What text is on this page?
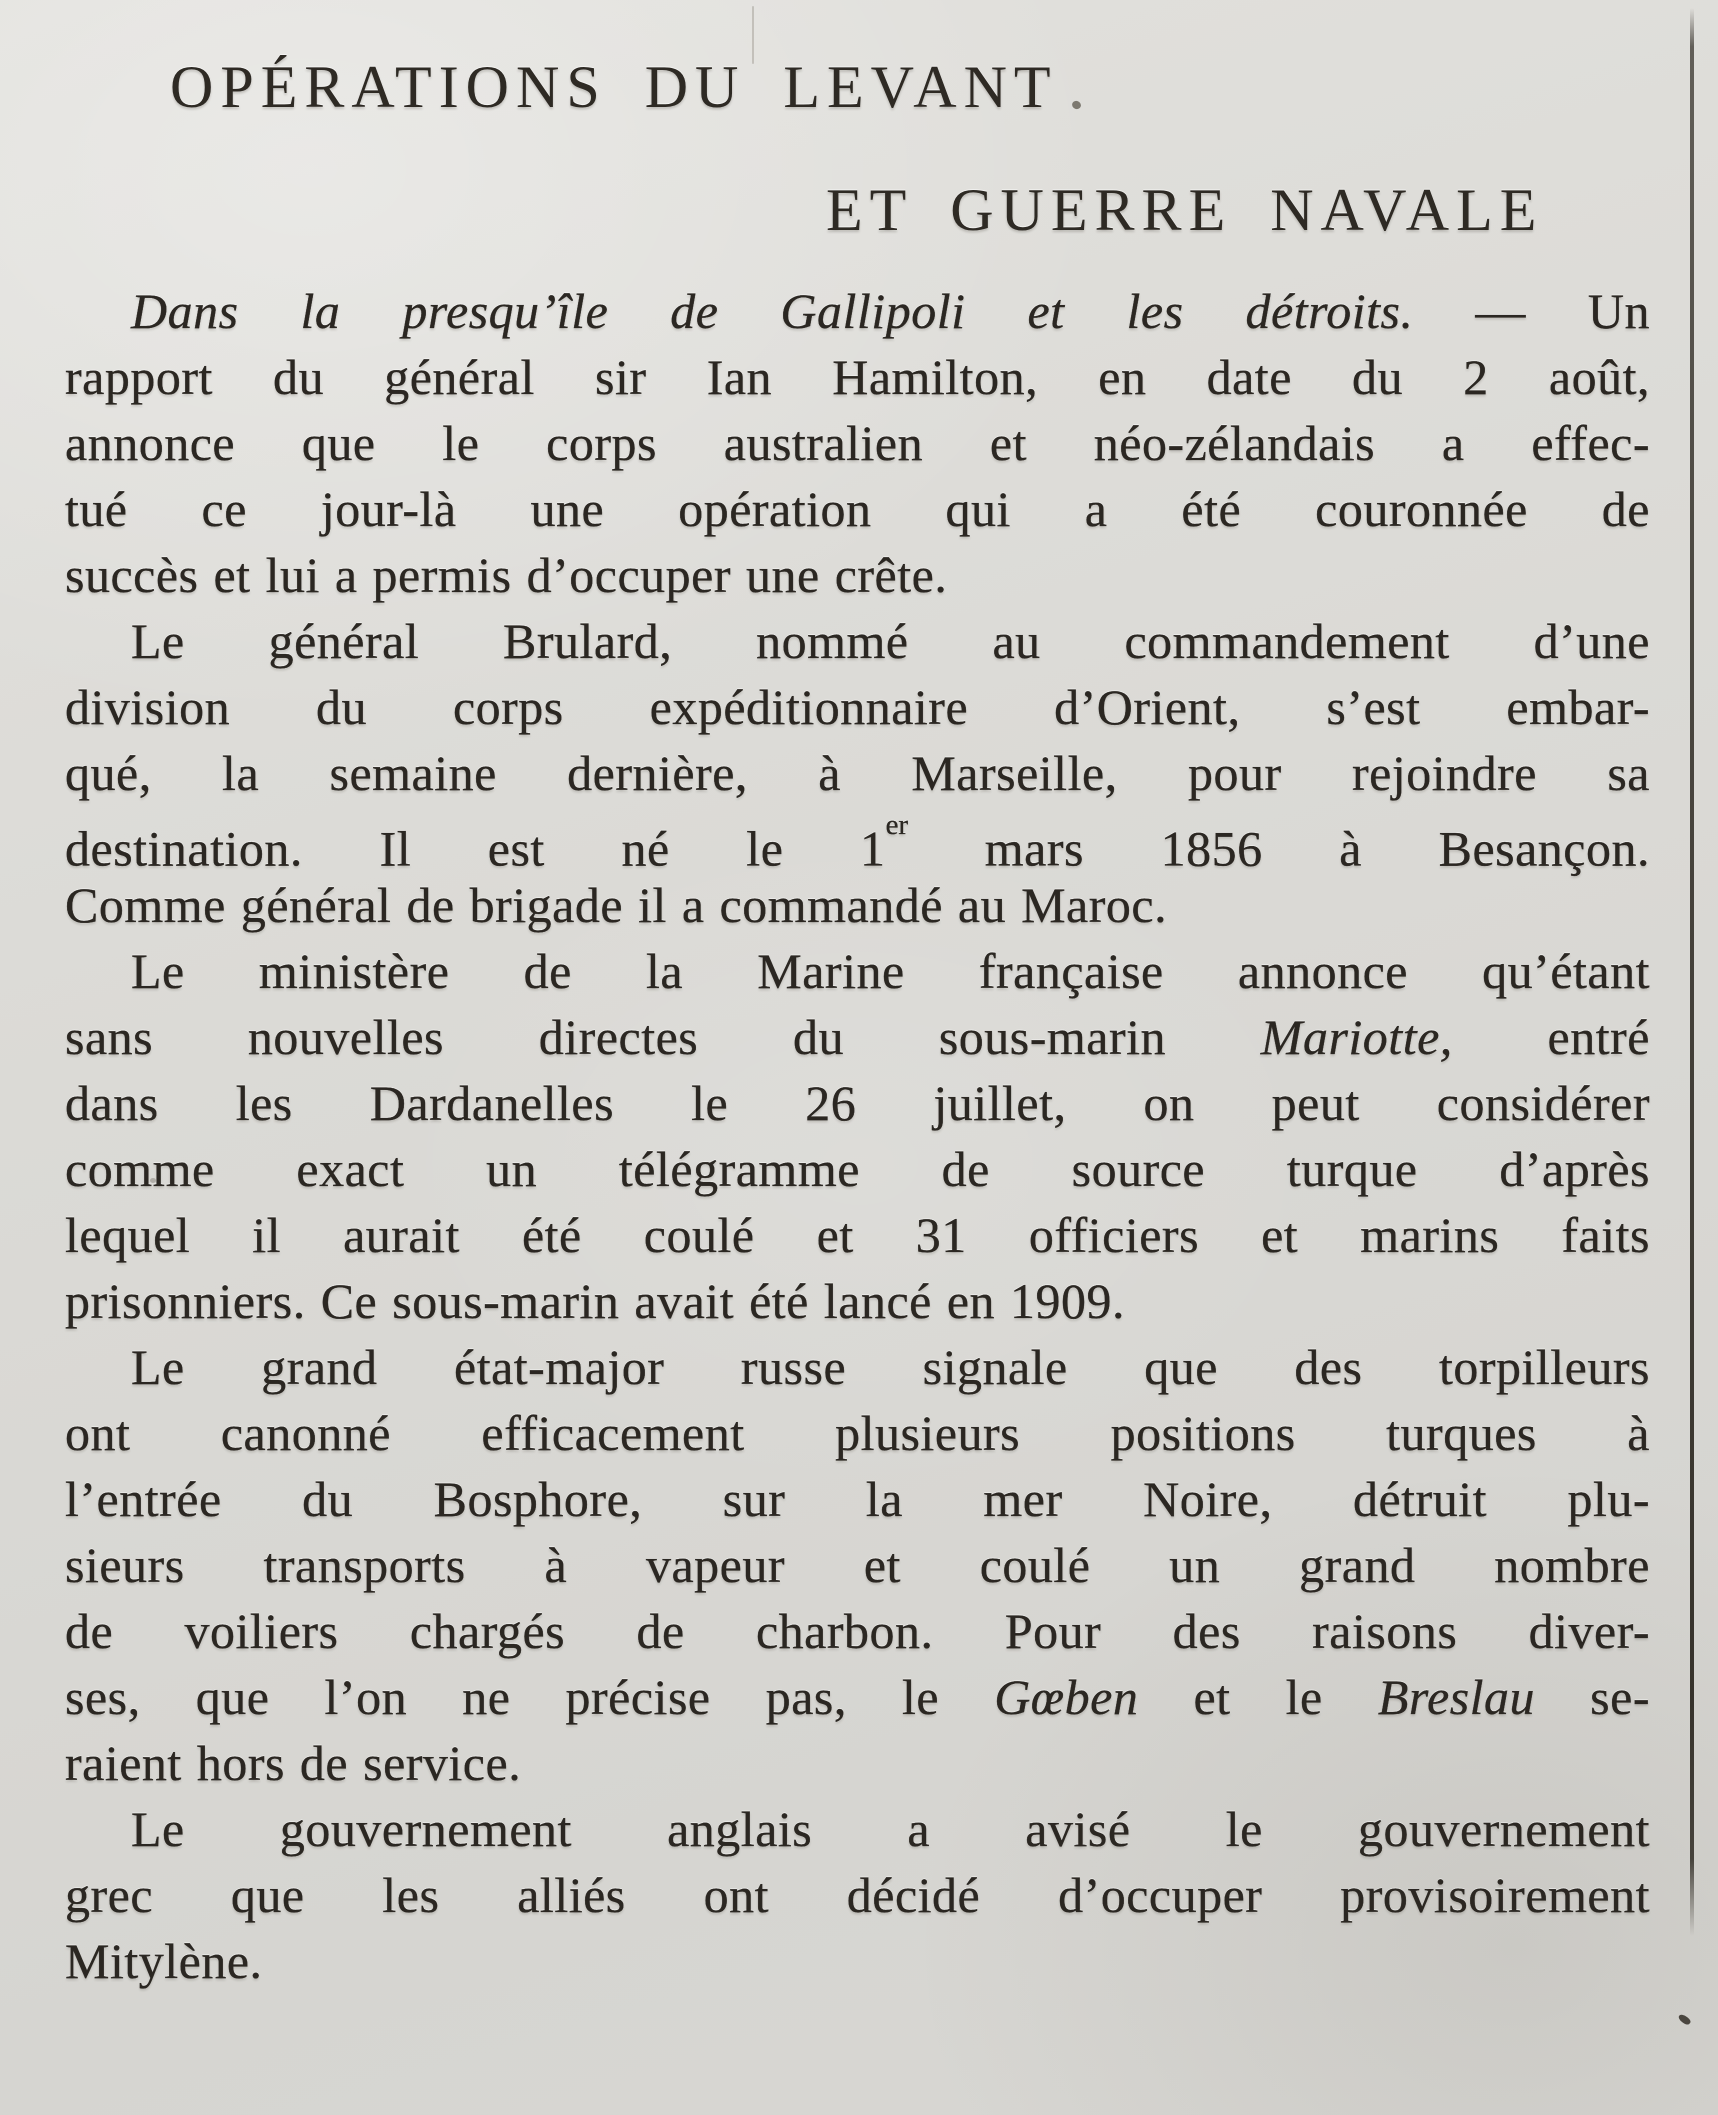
OPÉRATIONS DU LEVANT
ET GUERRE NAVALE
Dans la presqu’île de Gallipoli et les détroits. — Un
rapport du général sir Ian Hamilton, en date du 2 août,
annonce que le corps australien et néo-zélandais a effec-
tué ce jour-là une opération qui a été couronnée de
succès et lui a permis d’occuper une crête.
Le général Brulard, nommé au commandement d’une
division du corps expéditionnaire d’Orient, s’est embar-
qué, la semaine dernière, à Marseille, pour rejoindre sa
destination. Il est né le 1er mars 1856 à Besançon.
Comme général de brigade il a commandé au Maroc.
Le ministère de la Marine française annonce qu’étant
sans nouvelles directes du sous-marin Mariotte, entré
dans les Dardanelles le 26 juillet, on peut considérer
comme exact un télégramme de source turque d’après
lequel il aurait été coulé et 31 officiers et marins faits
prisonniers. Ce sous-marin avait été lancé en 1909.
Le grand état-major russe signale que des torpilleurs
ont canonné efficacement plusieurs positions turques à
l’entrée du Bosphore, sur la mer Noire, détruit plu-
sieurs transports à vapeur et coulé un grand nombre
de voiliers chargés de charbon. Pour des raisons diver-
ses, que l’on ne précise pas, le Gœben et le Breslau se-
raient hors de service.
Le gouvernement anglais a avisé le gouvernement
grec que les alliés ont décidé d’occuper provisoirement
Mitylène.
